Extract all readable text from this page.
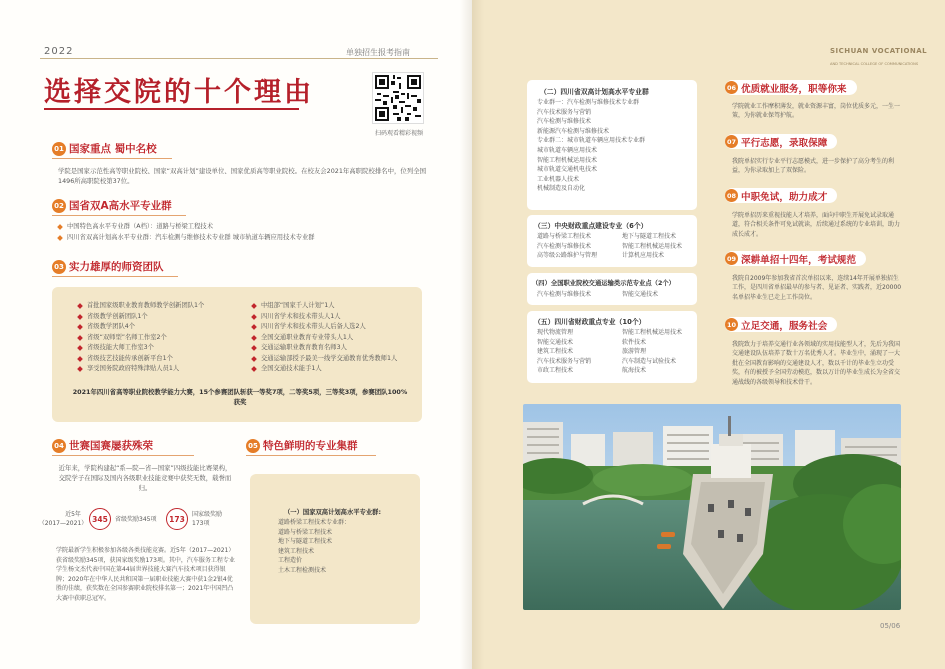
2022	单独招生报考指南
选择交院的十个理由
扫码观看精彩视频
01 国家重点 蜀中名校
学院是国家示范性高等职业院校、国家“双高计划”建设单位、国家优质高等职业院校。在校友会2021年高职院校排名中，位列全国1496所高职院校第37位。
02 国省双A高水平专业群
中国特色高水平专业群（A档）：道路与桥梁工程技术
四川省双高计划高水平专业群：汽车检测与维修技术专业群 城市轨道车辆应用技术专业群
03 实力雄厚的师资团队
首批国家级职业教育教师教学创新团队1个
省级教学创新团队1个
省级教学团队4个
省级“双师型”名师工作室2个
省级技能大师工作室3个
省级技艺技能传承创新平台1个
享受国务院政府特殊津贴人员1人
中组部“国家千人计划”1人
四川省学术和技术带头人1人
四川省学术和技术带头人后备人选2人
全国交通职业教育专业带头人1人
交通运输职业教育教育名师3人
交通运输部授予最美一线学交通教育优秀教师1人
全国交通技术能手1人
2021年四川省高等职业院校教学能力大赛，15个参赛团队斩获一等奖7项，二等奖5项，三等奖3项，参赛团队100%获奖
04 世赛国赛屡获殊荣
近年来，学院构建起“系—院—省—国家”四级技能比赛架构，交院学子在国际及国内各级职业技能竞赛中获奖无数，载誉而归。
近5年
（2017—2021） 345	省级奖励345项	173	国家级奖励
173项
学院最新学生积极参加各级各类技能竞赛。近5年（2017—2021）获省级奖励345项，获国家级奖励173项。其中，汽车服务工程专业学生杨文杰代表中国在第44届世界技能大赛汽车技术项目获得银牌；2020年在中华人民共和国第一届职业技能大赛中获1金2银4优胜的佳绩，获奖数在全国参赛职业院校排名第一；2021年中国凹凸大赛中获职总冠军。
05 特色鲜明的专业集群
（一）国家双高计划高水平专业群:
道路桥梁工程技术专业群：
道路与桥梁工程技术
地下与隧道工程技术
建筑工程技术
工程造价
土木工程检测技术
SICHUAN VOCATIONAL
AND TECHNICAL COLLEGE OF COMMUNICATIONS
（二）四川省双高计划高水平专业群
专业群一：汽车检测与维修技术专业群
汽车技术服务与营销
汽车检测与维修技术
新能源汽车检测与维修技术
专业群二：城市轨道车辆应用技术专业群
城市轨道车辆应用技术
智能工程机械运用技术
城市轨道交通机电技术
工业机器人技术
机械制造及自动化
（三）中央财政重点建设专业（6个）
道路与桥梁工程技术	地下与隧道工程技术
汽车检测与维修技术	智能工程机械运用技术
高等级公路维护与管理	计算机应用技术
（四）全国职业院校交通运输类示范专业点（2个）
汽车检测与维修技术	智能交通技术
（五）四川省财政重点专业（10个）
现代物流管理	智能工程机械运用技术
智能交通技术	软件技术
建筑工程技术	旅游管理
汽车技术服务与营销	汽车制造与试验技术
市政工程技术	航海技术
06 优质就业服务，职等你来
学院就业工作摩积薄发，就业资源丰富，岗位优质多元，一生一策，为你就业保驾护航。
07 平行志愿，录取保障
我院单招实行专业平行志愿模式，进一步保护了高分考生的利益，为你录取加上了双保险。
08 中职免试，助力成才
学院单招历来重视技能人才培养，面向中职生开展免试录取通道，符合相关条件可免试就读，后续通过系统的专业培训，助力成长成才。
09 深耕单招十四年，考试规范
我院自2009年参加我省首次单招以来，连续14年开展单独招生工作，是四川省单招最早的参与者、见证者、实践者，近20000名单招毕业生已走上工作岗位。
10 立足交通，服务社会
我院致力于培养交通行业各领域的实用技能型人才，先后为我国交通建设队伍培养了数十万名优秀人才。毕业生中，涌现了一大批在全国教育影响的交通建设人才，数以千计的毕业生立功受奖，有的被授予全国劳动模范，数以万计的毕业生成长为全省交通战线的各级领导和技术骨干。
05/06
